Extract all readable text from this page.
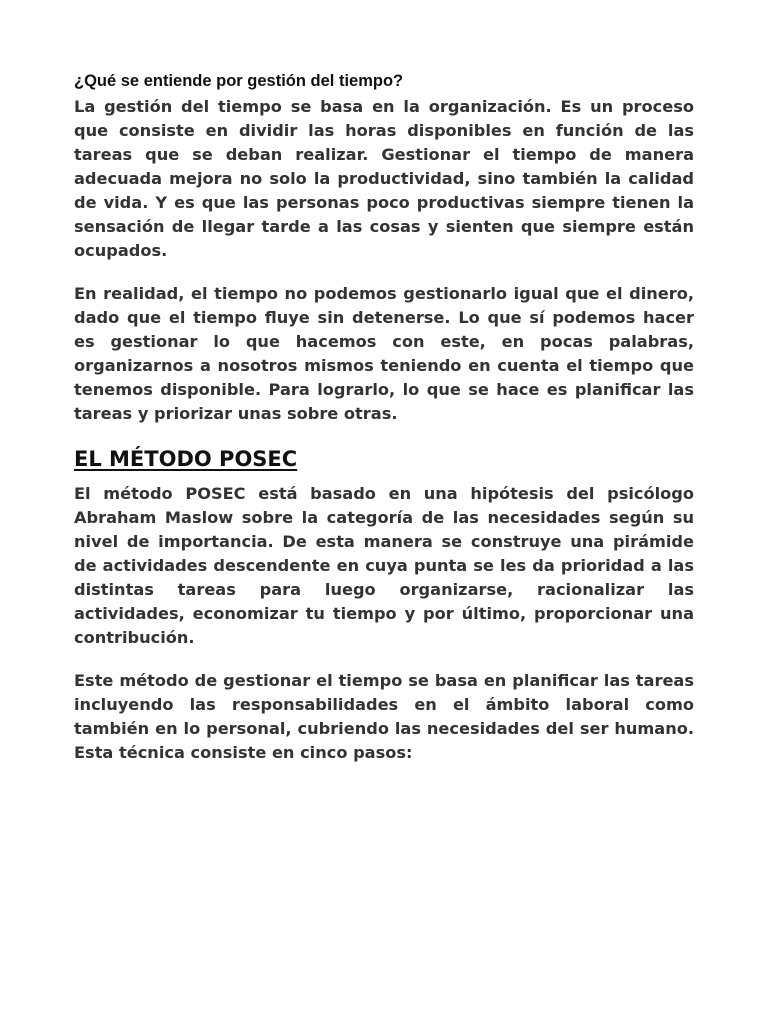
¿Qué se entiende por gestión del tiempo?

La gestión del tiempo se basa en la organización. Es un proceso que consiste en dividir las horas disponibles en función de las tareas que se deban realizar. Gestionar el tiempo de manera adecuada mejora no solo la productividad, sino también la calidad de vida. Y es que las personas poco productivas siempre tienen la sensación de llegar tarde a las cosas y sienten que siempre están ocupados.

En realidad, el tiempo no podemos gestionarlo igual que el dinero, dado que el tiempo fluye sin detenerse. Lo que sí podemos hacer es gestionar lo que hacemos con este, en pocas palabras, organizarnos a nosotros mismos teniendo en cuenta el tiempo que tenemos disponible. Para lograrlo, lo que se hace es planificar las tareas y priorizar unas sobre otras.

EL MÉTODO POSEC

El método POSEC está basado en una hipótesis del psicólogo Abraham Maslow sobre la categoría de las necesidades según su nivel de importancia. De esta manera se construye una pirámide de actividades descendente en cuya punta se les da prioridad a las distintas tareas para luego organizarse, racionalizar las actividades, economizar tu tiempo y por último, proporcionar una contribución.

Este método de gestionar el tiempo se basa en planificar las tareas incluyendo las responsabilidades en el ámbito laboral como también en lo personal, cubriendo las necesidades del ser humano. Esta técnica consiste en cinco pasos:
